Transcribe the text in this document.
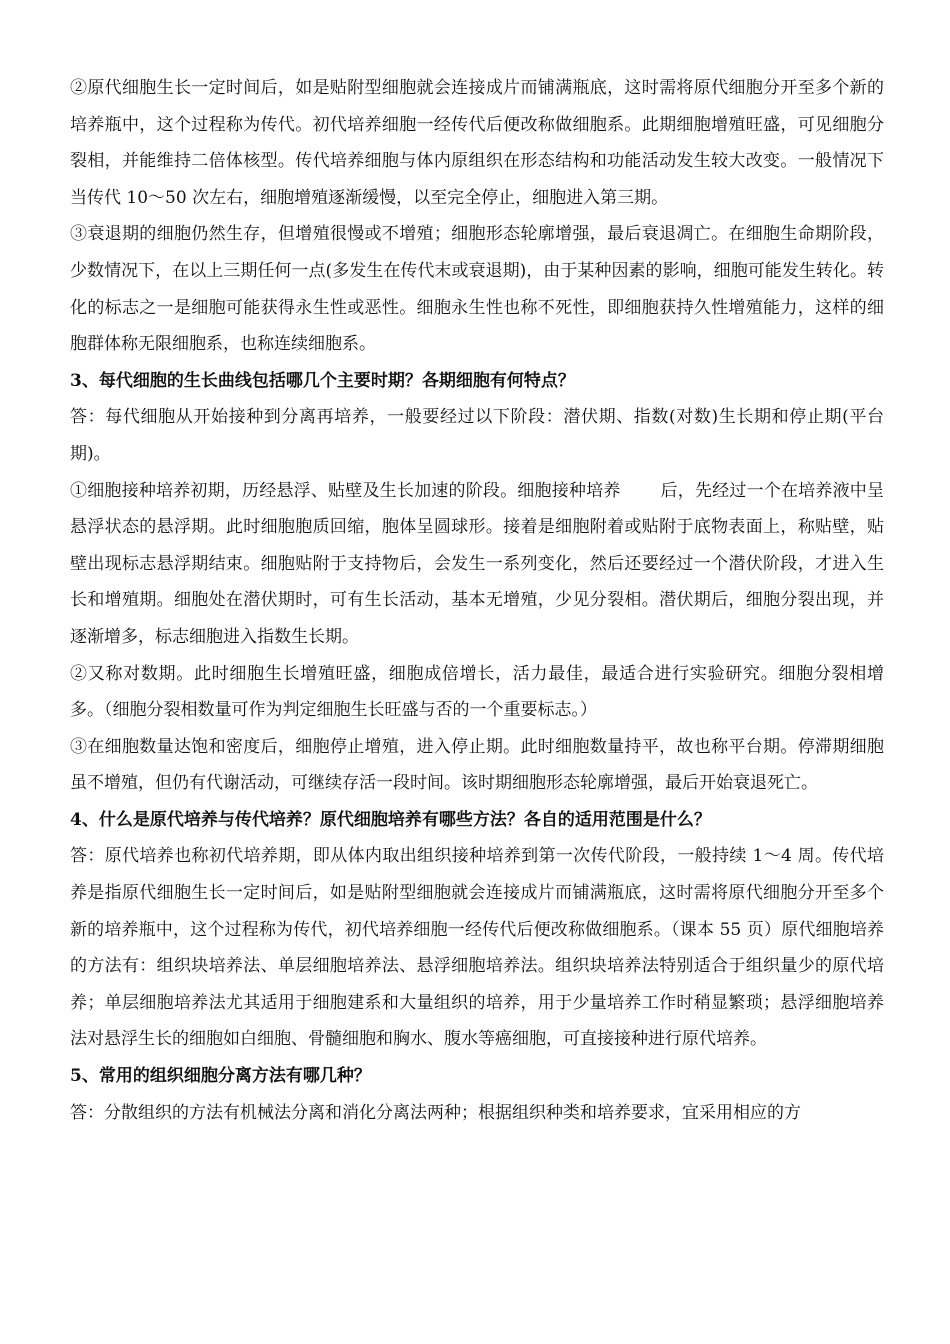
②原代细胞生长一定时间后，如是贴附型细胞就会连接成片而铺满瓶底，这时需将原代细胞分开至多个新的培养瓶中，这个过程称为传代。初代培养细胞一经传代后便改称做细胞系。此期细胞增殖旺盛，可见细胞分裂相，并能维持二倍体核型。传代培养细胞与体内原组织在形态结构和功能活动发生较大改变。一般情况下当传代 10～50 次左右，细胞增殖逐渐缓慢，以至完全停止，细胞进入第三期。

③衰退期的细胞仍然生存，但增殖很慢或不增殖；细胞形态轮廓增强，最后衰退凋亡。在细胞生命期阶段，少数情况下，在以上三期任何一点(多发生在传代末或衰退期)，由于某种因素的影响，细胞可能发生转化。转化的标志之一是细胞可能获得永生性或恶性。细胞永生性也称不死性，即细胞获持久性增殖能力，这样的细胞群体称无限细胞系，也称连续细胞系。

3、每代细胞的生长曲线包括哪几个主要时期？各期细胞有何特点？

答：每代细胞从开始接种到分离再培养，一般要经过以下阶段：潜伏期、指数(对数)生长期和停止期(平台期)。

①细胞接种培养初期，历经悬浮、贴壁及生长加速的阶段。细胞接种培养　　 后，先经过一个在培养液中呈悬浮状态的悬浮期。此时细胞胞质回缩，胞体呈圆球形。接着是细胞附着或贴附于底物表面上，称贴壁，贴壁出现标志悬浮期结束。细胞贴附于支持物后，会发生一系列变化，然后还要经过一个潜伏阶段，才进入生长和增殖期。细胞处在潜伏期时，可有生长活动，基本无增殖，少见分裂相。潜伏期后，细胞分裂出现，并逐渐增多，标志细胞进入指数生长期。

②又称对数期。此时细胞生长增殖旺盛，细胞成倍增长，活力最佳，最适合进行实验研究。细胞分裂相增多。（细胞分裂相数量可作为判定细胞生长旺盛与否的一个重要标志。）

③在细胞数量达饱和密度后，细胞停止增殖，进入停止期。此时细胞数量持平，故也称平台期。停滞期细胞虽不增殖，但仍有代谢活动，可继续存活一段时间。该时期细胞形态轮廓增强，最后开始衰退死亡。

4、什么是原代培养与传代培养？原代细胞培养有哪些方法？各自的适用范围是什么？

答：原代培养也称初代培养期，即从体内取出组织接种培养到第一次传代阶段，一般持续 1～4 周。传代培养是指原代细胞生长一定时间后，如是贴附型细胞就会连接成片而铺满瓶底，这时需将原代细胞分开至多个新的培养瓶中，这个过程称为传代，初代培养细胞一经传代后便改称做细胞系。（课本 55 页）原代细胞培养的方法有：组织块培养法、单层细胞培养法、悬浮细胞培养法。组织块培养法特别适合于组织量少的原代培养；单层细胞培养法尤其适用于细胞建系和大量组织的培养，用于少量培养工作时稍显繁琐；悬浮细胞培养法对悬浮生长的细胞如白细胞、骨髓细胞和胸水、腹水等癌细胞，可直接接种进行原代培养。

5、常用的组织细胞分离方法有哪几种？

答：分散组织的方法有机械法分离和消化分离法两种；根据组织种类和培养要求，宜采用相应的方
